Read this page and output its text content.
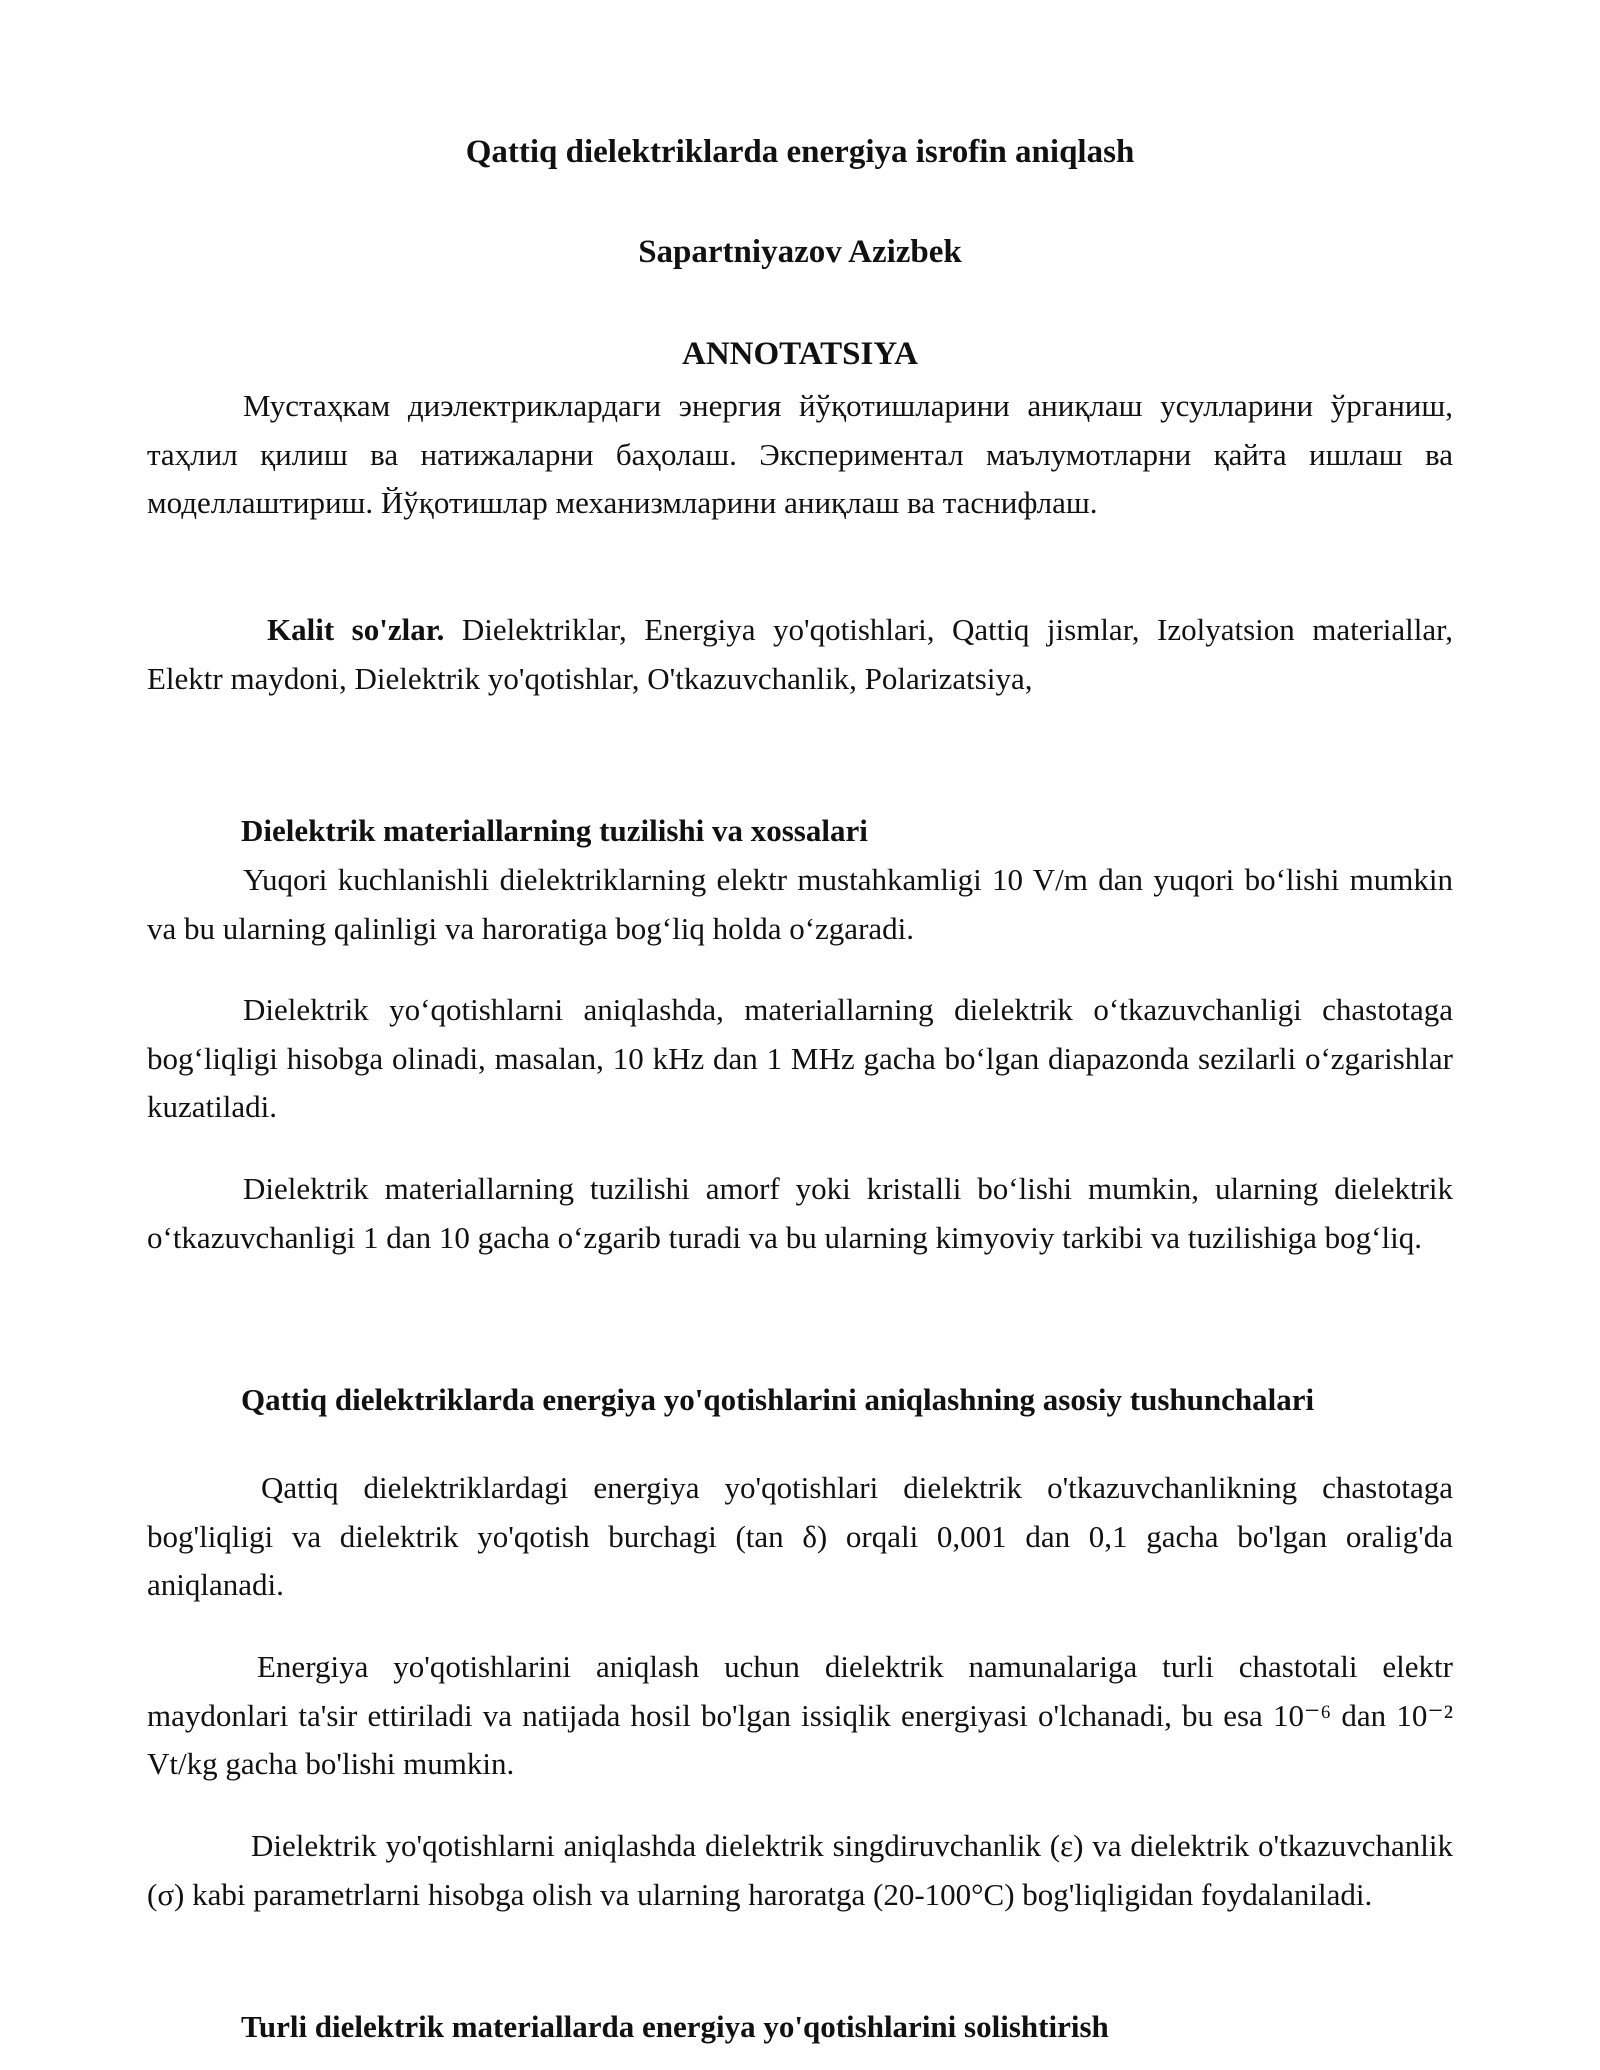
Qattiq dielektriklarda energiya isrofin aniqlash
Sapartniyazov Azizbek
ANNOTATSIYA

Мустаҳкам диэлектриклардаги энергия йўқотишларини аниқлаш усулларини ўрганиш, таҳлил қилиш ва натижаларни баҳолаш. Экспериментал маълумотларни қайта ишлаш ва моделлаштириш. Йўқотишлар механизмларини аниқлаш ва таснифлаш.

Kalit so'zlar. Dielektriklar, Energiya yo'qotishlari, Qattiq jismlar, Izolyatsion materiallar, Elektr maydoni, Dielektrik yo'qotishlar, O'tkazuvchanlik, Polarizatsiya,

Dielektrik materiallarning tuzilishi va xossalari

Yuqori kuchlanishli dielektriklarning elektr mustahkamligi 10 V/m dan yuqori boʻlishi mumkin va bu ularning qalinligi va haroratiga bogʻliq holda oʻzgaradi.

Dielektrik yoʻqotishlarni aniqlashda, materiallarning dielektrik oʻtkazuvchanligi chastotaga bogʻliqligi hisobga olinadi, masalan, 10 kHz dan 1 MHz gacha boʻlgan diapazonda sezilarli oʻzgarishlar kuzatiladi.

Dielektrik materiallarning tuzilishi amorf yoki kristalli boʻlishi mumkin, ularning dielektrik oʻtkazuvchanligi 1 dan 10 gacha oʻzgarib turadi va bu ularning kimyoviy tarkibi va tuzilishiga bogʻliq.

Qattiq dielektriklarda energiya yo'qotishlarini aniqlashning asosiy tushunchalari

Qattiq dielektriklardagi energiya yo'qotishlari dielektrik o'tkazuvchanlikning chastotaga bog'liqligi va dielektrik yo'qotish burchagi (tan δ) orqali 0,001 dan 0,1 gacha bo'lgan oralig'da aniqlanadi.

Energiya yo'qotishlarini aniqlash uchun dielektrik namunalariga turli chastotali elektr maydonlari ta'sir ettiriladi va natijada hosil bo'lgan issiqlik energiyasi o'lchanadi, bu esa 10⁻⁶ dan 10⁻² Vt/kg gacha bo'lishi mumkin.

Dielektrik yo'qotishlarni aniqlashda dielektrik singdiruvchanlik (ε) va dielektrik o'tkazuvchanlik (σ) kabi parametrlarni hisobga olish va ularning haroratga (20-100°C) bog'liqligidan foydalaniladi.

Turli dielektrik materiallarda energiya yo'qotishlarini solishtirish
